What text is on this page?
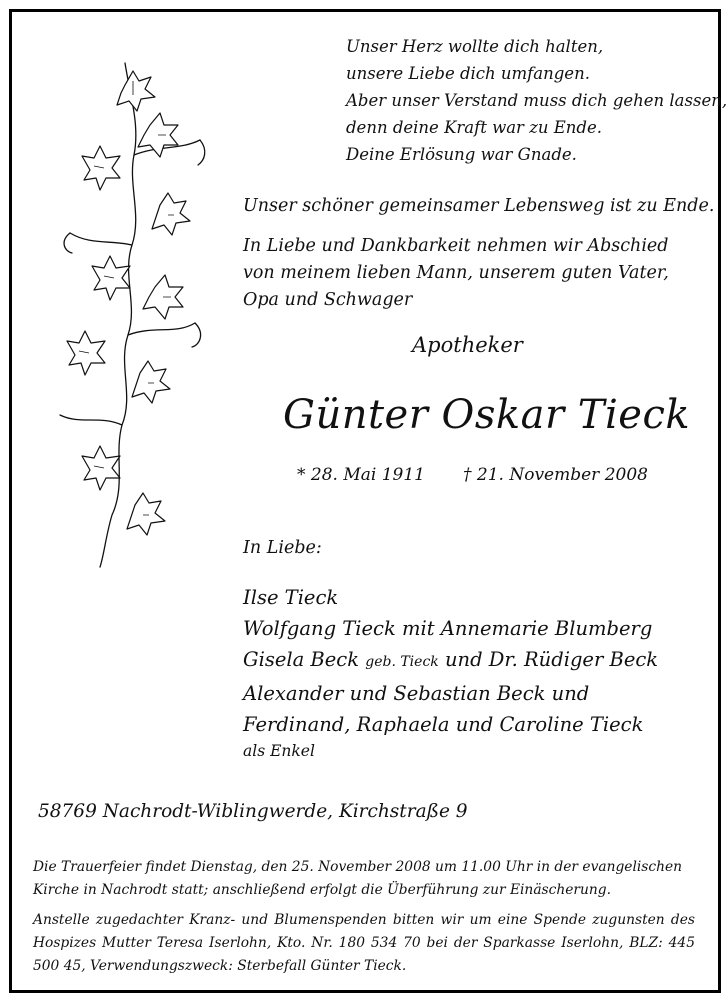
Unser Herz wollte dich halten,
unsere Liebe dich umfangen.
Aber unser Verstand muss dich gehen lassen,
denn deine Kraft war zu Ende.
Deine Erlösung war Gnade.
Unser schöner gemeinsamer Lebensweg ist zu Ende.
In Liebe und Dankbarkeit nehmen wir Abschied von meinem lieben Mann, unserem guten Vater, Opa und Schwager
Apotheker
Günter Oskar Tieck
* 28. Mai 1911 † 21. November 2008
In Liebe:
Ilse Tieck
Wolfgang Tieck mit Annemarie Blumberg
Gisela Beck geb. Tieck und Dr. Rüdiger Beck
Alexander und Sebastian Beck und
Ferdinand, Raphaela und Caroline Tieck
als Enkel
58769 Nachrodt-Wiblingwerde, Kirchstraße 9
Die Trauerfeier findet Dienstag, den 25. November 2008 um 11.00 Uhr in der evangelischen Kirche in Nachrodt statt; anschließend erfolgt die Überführung zur Einäscherung.
Anstelle zugedachter Kranz- und Blumenspenden bitten wir um eine Spende zugunsten des Hospizes Mutter Teresa Iserlohn, Kto. Nr. 180 534 70 bei der Sparkasse Iserlohn, BLZ: 445 500 45, Verwendungszweck: Sterbefall Günter Tieck.
